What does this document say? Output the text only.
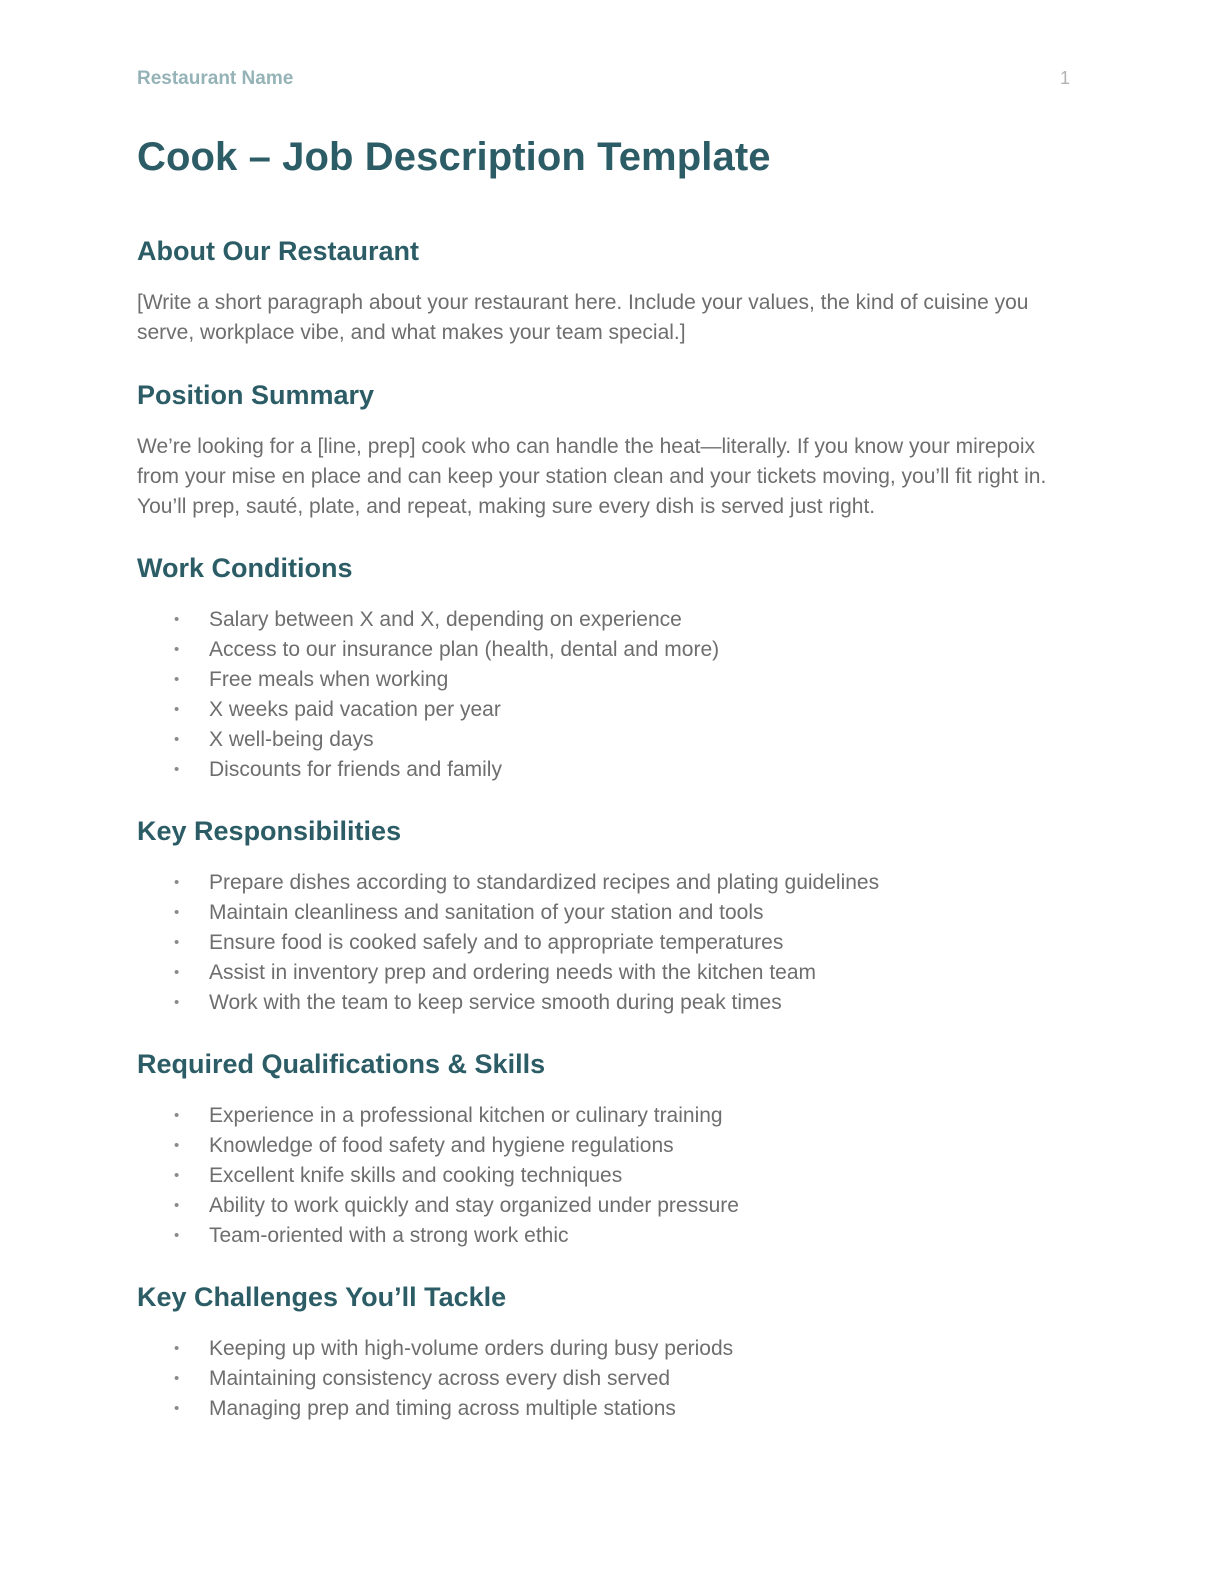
Restaurant Name	1
Cook – Job Description Template
About Our Restaurant

[Write a short paragraph about your restaurant here. Include your values, the kind of cuisine you serve, workplace vibe, and what makes your team special.]

Position Summary

We’re looking for a [line, prep] cook who can handle the heat—literally. If you know your mirepoix from your mise en place and can keep your station clean and your tickets moving, you’ll fit right in. You’ll prep, sauté, plate, and repeat, making sure every dish is served just right.

Work Conditions
• Salary between X and X, depending on experience
• Access to our insurance plan (health, dental and more)
• Free meals when working
• X weeks paid vacation per year
• X well-being days
• Discounts for friends and family
Key Responsibilities
• Prepare dishes according to standardized recipes and plating guidelines
• Maintain cleanliness and sanitation of your station and tools
• Ensure food is cooked safely and to appropriate temperatures
• Assist in inventory prep and ordering needs with the kitchen team
• Work with the team to keep service smooth during peak times
Required Qualifications & Skills
• Experience in a professional kitchen or culinary training
• Knowledge of food safety and hygiene regulations
• Excellent knife skills and cooking techniques
• Ability to work quickly and stay organized under pressure
• Team-oriented with a strong work ethic
Key Challenges You’ll Tackle
• Keeping up with high-volume orders during busy periods
• Maintaining consistency across every dish served
• Managing prep and timing across multiple stations
